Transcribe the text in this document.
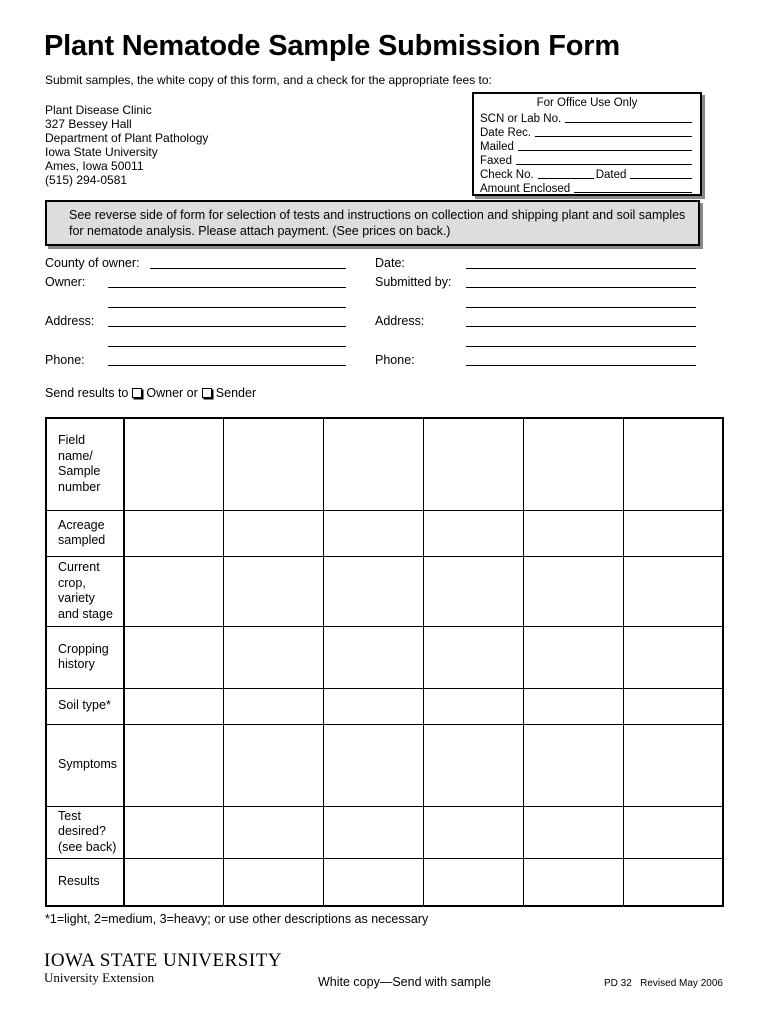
Plant Nematode Sample Submission Form
Submit samples, the white copy of this form, and a check for the appropriate fees to:
Plant Disease Clinic
327 Bessey Hall
Department of Plant Pathology
Iowa State University
Ames, Iowa 50011
(515) 294-0581
For Office Use Only
SCN or Lab No.
Date Rec.
Mailed
Faxed
Check No.	Dated
Amount Enclosed
See reverse side of form for selection of tests and instructions on collection and shipping plant and soil samples for nematode analysis. Please attach payment. (See prices on back.)
County of owner:
Owner:
Address:
Phone:
Date:
Submitted by:
Address:
Phone:
Send results to Owner or Sender
Field
name/
Sample
number						

Acreage
sampled						

Current
crop,
variety
and stage						

Cropping
history						

Soil type*						

Symptoms						

Test
desired?
(see back)						

Results						

*1=light, 2=medium, 3=heavy; or use other descriptions as necessary
IOWA STATE UNIVERSITY
University Extension	White copy—Send with sample	PD 32   Revised May 2006
